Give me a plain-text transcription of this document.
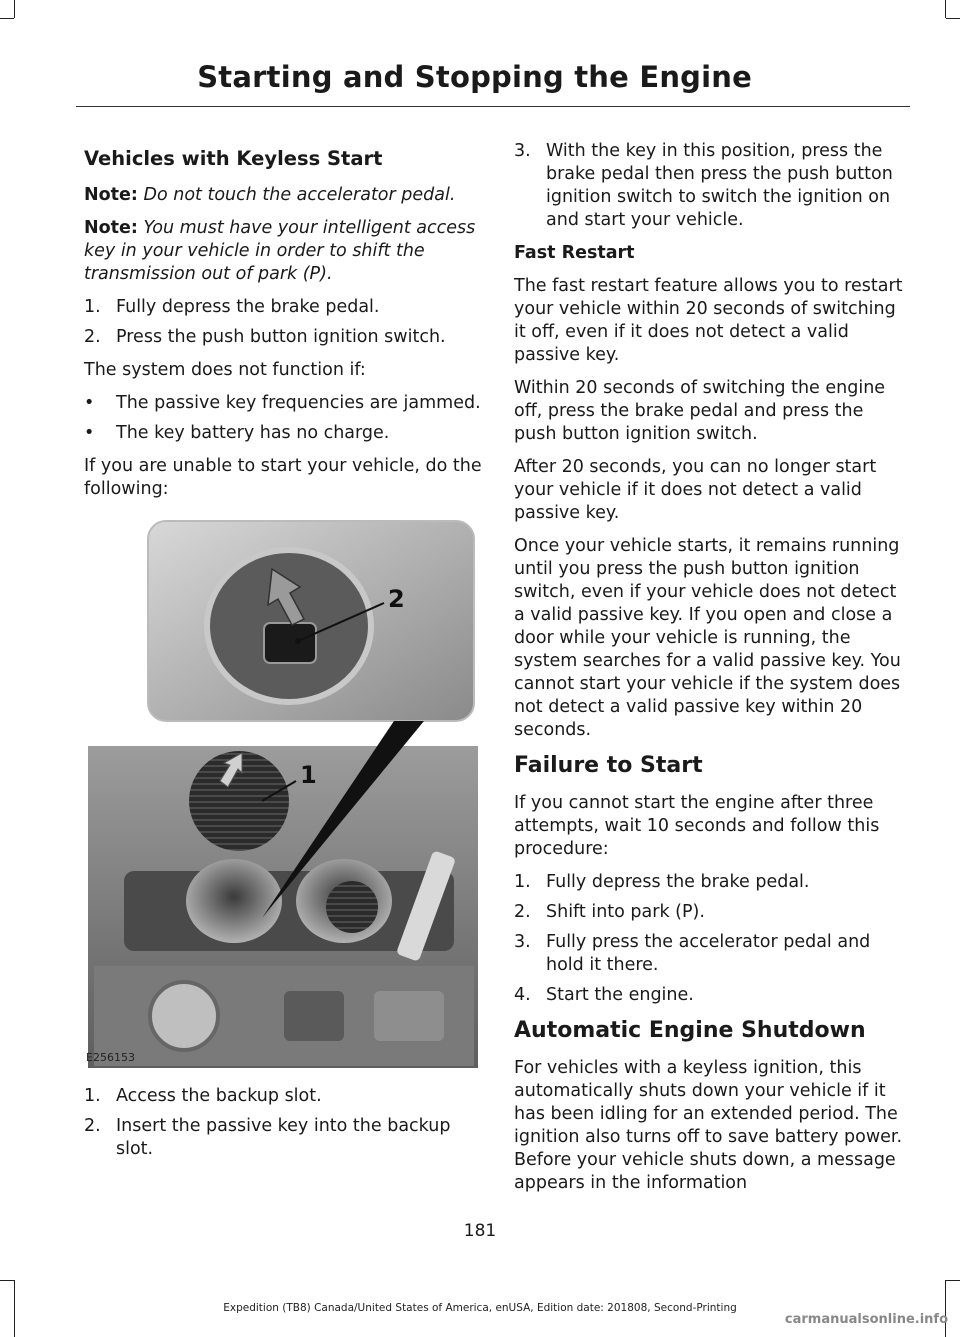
Starting and Stopping the Engine
Vehicles with Keyless Start

Note: Do not touch the accelerator pedal.

Note: You must have your intelligent access key in your vehicle in order to shift the transmission out of park (P).

1. Fully depress the brake pedal.
2. Press the push button ignition switch.

The system does not function if:

• The passive key frequencies are jammed.
• The key battery has no charge.

If you are unable to start your vehicle, do the following:

1
2
E256153
1. Access the backup slot.
2. Insert the passive key into the backup slot.
3. With the key in this position, press the brake pedal then press the push button ignition switch to switch the ignition on and start your vehicle.
Fast Restart

The fast restart feature allows you to restart your vehicle within 20 seconds of switching it off, even if it does not detect a valid passive key.

Within 20 seconds of switching the engine off, press the brake pedal and press the push button ignition switch.

After 20 seconds, you can no longer start your vehicle if it does not detect a valid passive key.

Once your vehicle starts, it remains running until you press the push button ignition switch, even if your vehicle does not detect a valid passive key. If you open and close a door while your vehicle is running, the system searches for a valid passive key. You cannot start your vehicle if the system does not detect a valid passive key within 20 seconds.

Failure to Start

If you cannot start the engine after three attempts, wait 10 seconds and follow this procedure:

1. Fully depress the brake pedal.
2. Shift into park (P).
3. Fully press the accelerator pedal and hold it there.
4. Start the engine.
Automatic Engine Shutdown

For vehicles with a keyless ignition, this automatically shuts down your vehicle if it has been idling for an extended period. The ignition also turns off to save battery power. Before your vehicle shuts down, a message appears in the information

181
Expedition (TB8) Canada/United States of America, enUSA, Edition date: 201808, Second-Printing
carmanualsonline.info
